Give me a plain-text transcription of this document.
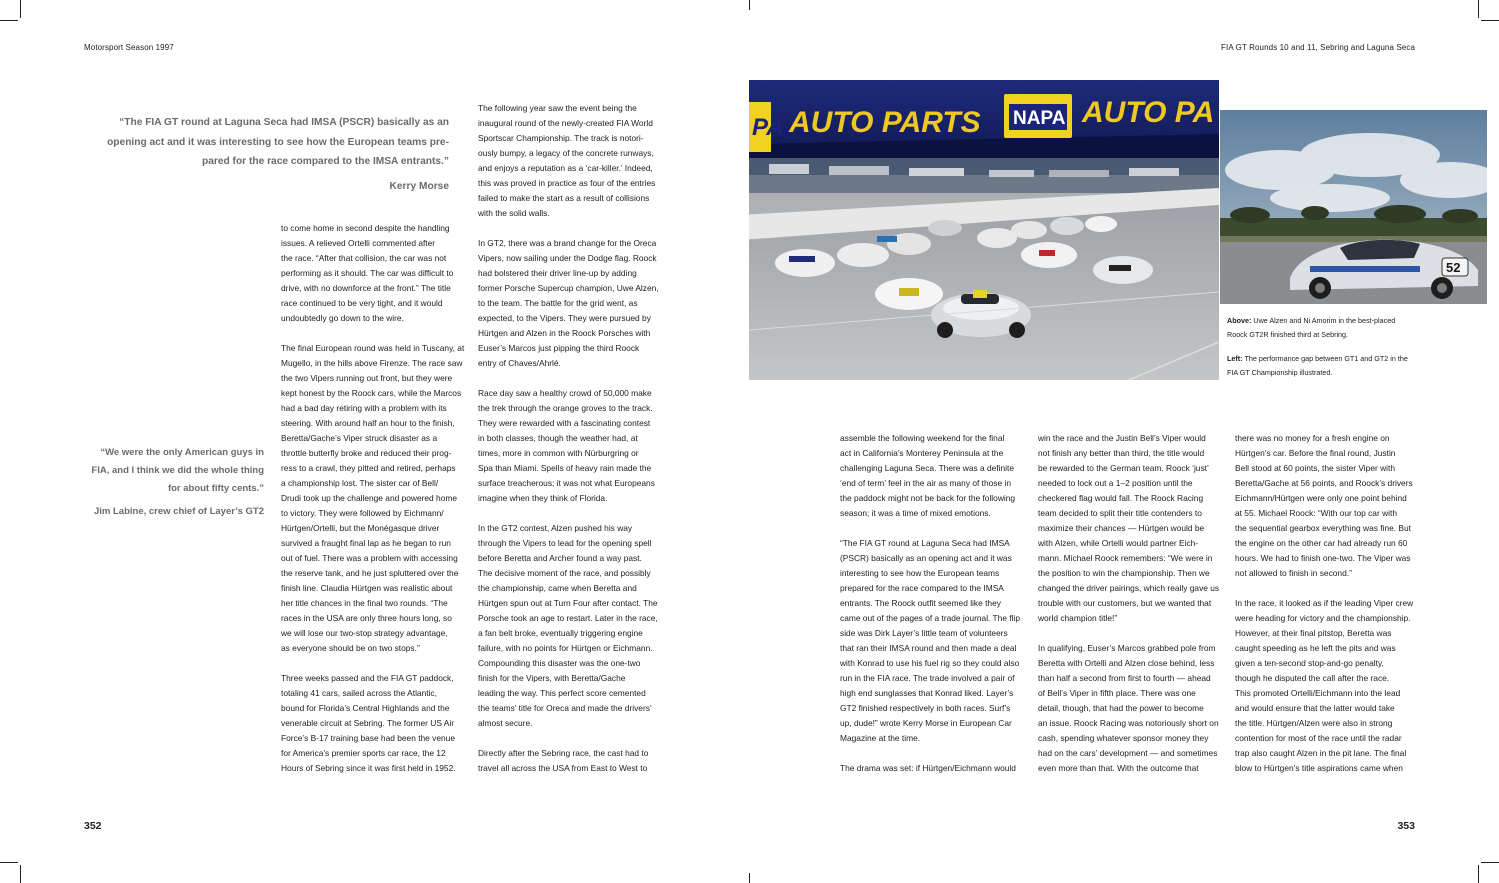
Motorsport Season 1997	FIA GT Rounds 10 and 11, Sebring and Laguna Seca
“The FIA GT round at Laguna Seca had IMSA (PSCR) basically as an
opening act and it was interesting to see how the European teams pre-
pared for the race compared to the IMSA entrants.”
Kerry Morse
“We were the only American guys in
FIA, and I think we did the whole thing
for about fifty cents.”
Jim Labine, crew chief of Layer’s GT2

to come home in second despite the handling
issues. A relieved Ortelli commented after
the race. “After that collision, the car was not
performing as it should. The car was difficult to
drive, with no downforce at the front.” The title
race continued to be very tight, and it would
undoubtedly go down to the wire.

The final European round was held in Tuscany, at
Mugello, in the hills above Firenze. The race saw
the two Vipers running out front, but they were
kept honest by the Roock cars, while the Marcos
had a bad day retiring with a problem with its
steering. With around half an hour to the finish,
Beretta/Gache’s Viper struck disaster as a
throttle butterfly broke and reduced their prog-
ress to a crawl, they pitted and retired, perhaps
a championship lost. The sister car of Bell/
Drudi took up the challenge and powered home
to victory. They were followed by Eichmann/
Hürtgen/Ortelli, but the Monégasque driver
survived a fraught final lap as he began to run
out of fuel. There was a problem with accessing
the reserve tank, and he just spluttered over the
finish line. Claudia Hürtgen was realistic about
her title chances in the final two rounds. “The
races in the USA are only three hours long, so
we will lose our two-stop strategy advantage,
as everyone should be on two stops.”

Three weeks passed and the FIA GT paddock,
totaling 41 cars, sailed across the Atlantic,
bound for Florida’s Central Highlands and the
venerable circuit at Sebring. The former US Air
Force’s B-17 training base had been the venue
for America’s premier sports car race, the 12
Hours of Sebring since it was first held in 1952.

The following year saw the event being the
inaugural round of the newly-created FIA World
Sportscar Championship. The track is notori-
ously bumpy, a legacy of the concrete runways,
and enjoys a reputation as a ‘car-killer.’ Indeed,
this was proved in practice as four of the entries
failed to make the start as a result of collisions
with the solid walls.

In GT2, there was a brand change for the Oreca
Vipers, now sailing under the Dodge flag. Roock
had bolstered their driver line-up by adding
former Porsche Supercup champion, Uwe Alzen,
to the team. The battle for the grid went, as
expected, to the Vipers. They were pursued by
Hürtgen and Alzen in the Roock Porsches with
Euser’s Marcos just pipping the third Roock
entry of Chaves/Ahrlé.

Race day saw a healthy crowd of 50,000 make
the trek through the orange groves to the track.
They were rewarded with a fascinating contest
in both classes, though the weather had, at
times, more in common with Nürburgring or
Spa than Miami. Spells of heavy rain made the
surface treacherous; it was not what Europeans
imagine when they think of Florida.

In the GT2 contest, Alzen pushed his way
through the Vipers to lead for the opening spell
before Beretta and Archer found a way past.
The decisive moment of the race, and possibly
the championship, came when Beretta and
Hürtgen spun out at Turn Four after contact. The
Porsche took an age to restart. Later in the race,
a fan belt broke, eventually triggering engine
failure, with no points for Hürtgen or Eichmann.
Compounding this disaster was the one-two
finish for the Vipers, with Beretta/Gache
leading the way. This perfect score cemented
the teams’ title for Oreca and made the drivers’
almost secure.

Directly after the Sebring race, the cast had to
travel all across the USA from East to West to

PA AUTO PARTS NAPA AUTO PA
52
Above: Uwe Alzen and Ni Amorim in the best-placed
Roock GT2R finished third at Sebring.
Left: The performance gap between GT1 and GT2 in the
FIA GT Championship illustrated.

assemble the following weekend for the final
act in California’s Monterey Peninsula at the
challenging Laguna Seca. There was a definite
‘end of term’ feel in the air as many of those in
the paddock might not be back for the following
season; it was a time of mixed emotions.

“The FIA GT round at Laguna Seca had IMSA
(PSCR) basically as an opening act and it was
interesting to see how the European teams
prepared for the race compared to the IMSA
entrants. The Roock outfit seemed like they
came out of the pages of a trade journal. The flip
side was Dirk Layer’s little team of volunteers
that ran their IMSA round and then made a deal
with Konrad to use his fuel rig so they could also
run in the FIA race. The trade involved a pair of
high end sunglasses that Konrad liked. Layer’s
GT2 finished respectively in both races. Surf’s
up, dude!” wrote Kerry Morse in European Car
Magazine at the time.

The drama was set: if Hürtgen/Eichmann would

win the race and the Justin Bell’s Viper would
not finish any better than third, the title would
be rewarded to the German team. Roock ‘just’
needed to lock out a 1–2 position until the
checkered flag would fall. The Roock Racing
team decided to split their title contenders to
maximize their chances — Hürtgen would be
with Alzen, while Ortelli would partner Eich-
mann. Michael Roock remembers: “We were in
the position to win the championship. Then we
changed the driver pairings, which really gave us
trouble with our customers, but we wanted that
world champion title!”

In qualifying, Euser’s Marcos grabbed pole from
Beretta with Ortelli and Alzen close behind, less
than half a second from first to fourth — ahead
of Bell’s Viper in fifth place. There was one
detail, though, that had the power to become
an issue. Roock Racing was notoriously short on
cash, spending whatever sponsor money they
had on the cars’ development — and sometimes
even more than that. With the outcome that

there was no money for a fresh engine on
Hürtgen’s car. Before the final round, Justin
Bell stood at 60 points, the sister Viper with
Beretta/Gache at 56 points, and Roock’s drivers
Eichmann/Hürtgen were only one point behind
at 55. Michael Roock: “With our top car with
the sequential gearbox everything was fine. But
the engine on the other car had already run 60
hours. We had to finish one-two. The Viper was
not allowed to finish in second.”

In the race, it looked as if the leading Viper crew
were heading for victory and the championship.
However, at their final pitstop, Beretta was
caught speeding as he left the pits and was
given a ten-second stop-and-go penalty,
though he disputed the call after the race.
This promoted Ortelli/Eichmann into the lead
and would ensure that the latter would take
the title. Hürtgen/Alzen were also in strong
contention for most of the race until the radar
trap also caught Alzen in the pit lane. The final
blow to Hürtgen’s title aspirations came when

352	353
